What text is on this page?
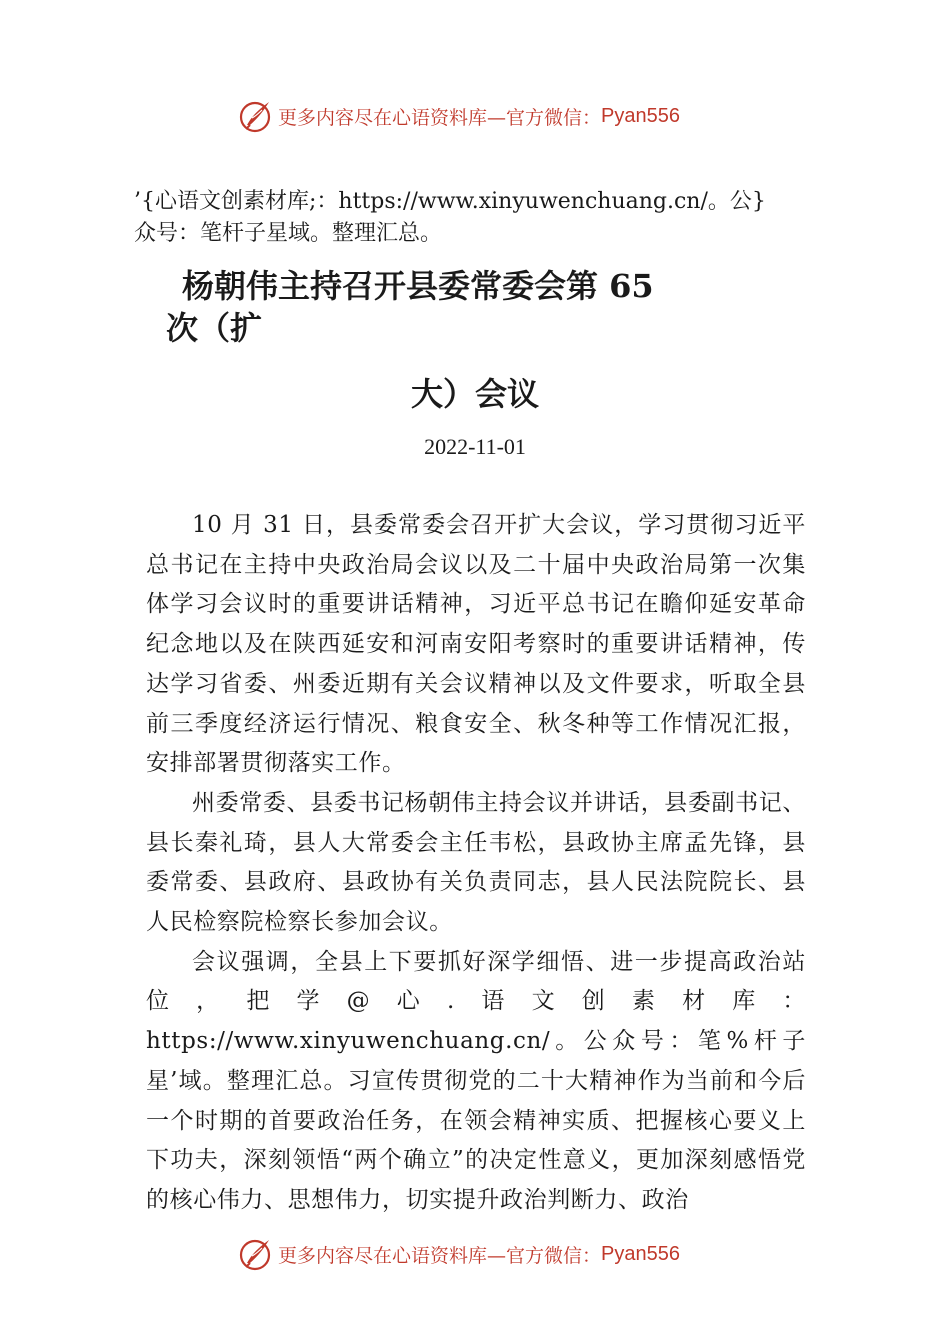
更多内容尽在心语资料库—官方微信： Pyan556
’{心语文创素材库;：https://www.xinyuwenchuang.cn/。公}
众号：笔杆子星域。整理汇总。
杨朝伟主持召开县委常委会第 65
次（扩
大）会议
2022-11-01

10 月 31 日，县委常委会召开扩大会议，学习贯彻习近平总书记在主持中央政治局会议以及二十届中央政治局第一次集体学习会议时的重要讲话精神，习近平总书记在瞻仰延安革命纪念地以及在陕西延安和河南安阳考察时的重要讲话精神，传达学习省委、州委近期有关会议精神以及文件要求，听取全县前三季度经济运行情况、粮食安全、秋冬种等工作情况汇报，安排部署贯彻落实工作。

州委常委、县委书记杨朝伟主持会议并讲话，县委副书记、县长秦礼琦，县人大常委会主任韦松，县政协主席孟先锋，县委常委、县政府、县政协有关负责同志，县人民法院院长、县人民检察院检察长参加会议。

会议强调，全县上下要抓好深学细悟、进一步提高政治站位，把学@心.语文创素材库：https://www.xinyuwenchuang.cn/。公众号：笔%杆子星’域。整理汇总。习宣传贯彻党的二十大精神作为当前和今后一个时期的首要政治任务，在领会精神实质、把握核心要义上下功夫，深刻领悟“两个确立”的决定性意义，更加深刻感悟党的核心伟力、思想伟力，切实提升政治判断力、政治

更多内容尽在心语资料库—官方微信： Pyan556
